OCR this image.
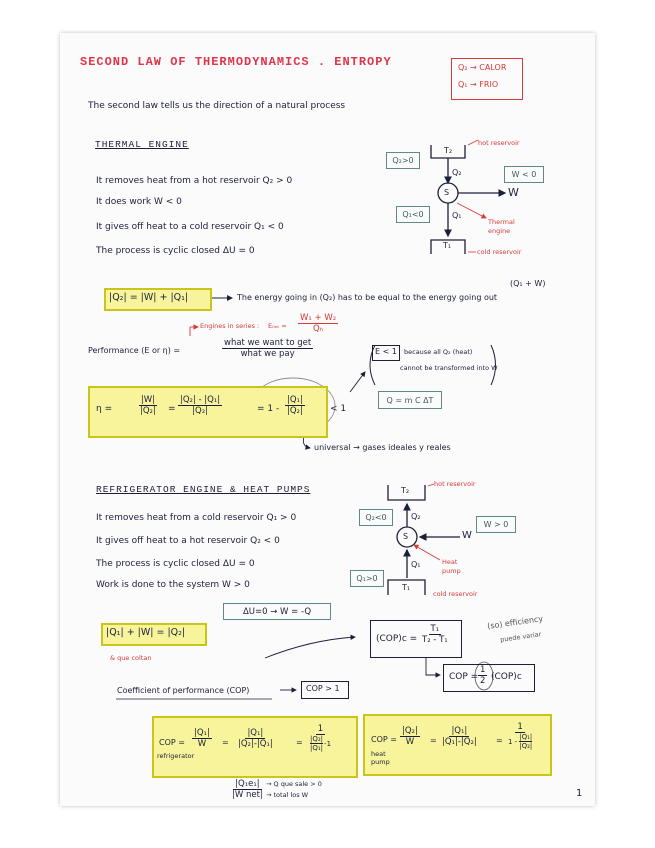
SECOND LAW OF THERMODYNAMICS . ENTROPY	Q₂ → CALOR
Q₁ → FRIO
The second law tells us the direction of a natural process
THERMAL ENGINE
It removes heat from a hot reservoir Q₂ > 0
It does work W < 0
It gives off heat to a cold reservoir Q₁ < 0
The process is cyclic closed ΔU = 0
T₂
hot reservoir
Q₂
S	W
Q₁
T₁
cold reservoir
Thermal engine
Q₂>0
Q₁<0
W < 0
(Q₁ + W)
|Q₂| = |W| + |Q₁|	The energy going in (Q₂) has to be equal to the energy going out
Engines in series : $E_{0et} = \frac{\text{W₁ + W₂}}{\text{Qₕ}}$
Performance (E or η) =
what we want to get
what we pay	E < 1 because all Q₂ (heat)
cannot be transformed into W
η =	$\frac{|W|}{\text{|Q₂|}} = \frac{\text{|Q₂| - |Q₁|}}{\text{|Q₂|}}$	= $1 - \frac{\text{|Q₁|}}{\text{|Q₂|}}$	< 1
Q = m C ΔT
universal → gases ideales y reales
REFRIGERATOR ENGINE & HEAT PUMPS
It removes heat from a cold reservoir Q₁ > 0
It gives off heat to a hot reservoir Q₂ < 0
The process is cyclic closed ΔU = 0
Work is done to the system W > 0
T₂
hot reservoir
Q₂
S	W
Q₁
T₁
cold reservoir
Heat pump
Q₂<0
Q₁>0
W > 0
ΔU=0 → W = -Q
|Q₁| + |W| = |Q₂|
& que coltan
$(COP)c = \frac{\text{T₁}}{\text{T₂ - T₁}}$
(so) efficiency
puede variar
COP = $\frac{1}{2} (COP)c$
Coefficient of performance (COP)	COP > 1
COP =
refrigerator
$\frac{\text{|Q₁|}}{W} = \frac{\text{|Q₁|}}{\text{|Q₂|-|Q₁|}}$	= 1
|Q₂|
|Q₁|
-1	COP =
heat pump
$\frac{\text{|Q₂|}}{W} = \frac{\text{|Q₁|}}{\text{|Q₁|-|Q₂|}} = 1$
1 -
|Q₁|
|Q₂|
|Q₁e₁|
|W net|
→ Q que sale > 0
→ total los W	1
